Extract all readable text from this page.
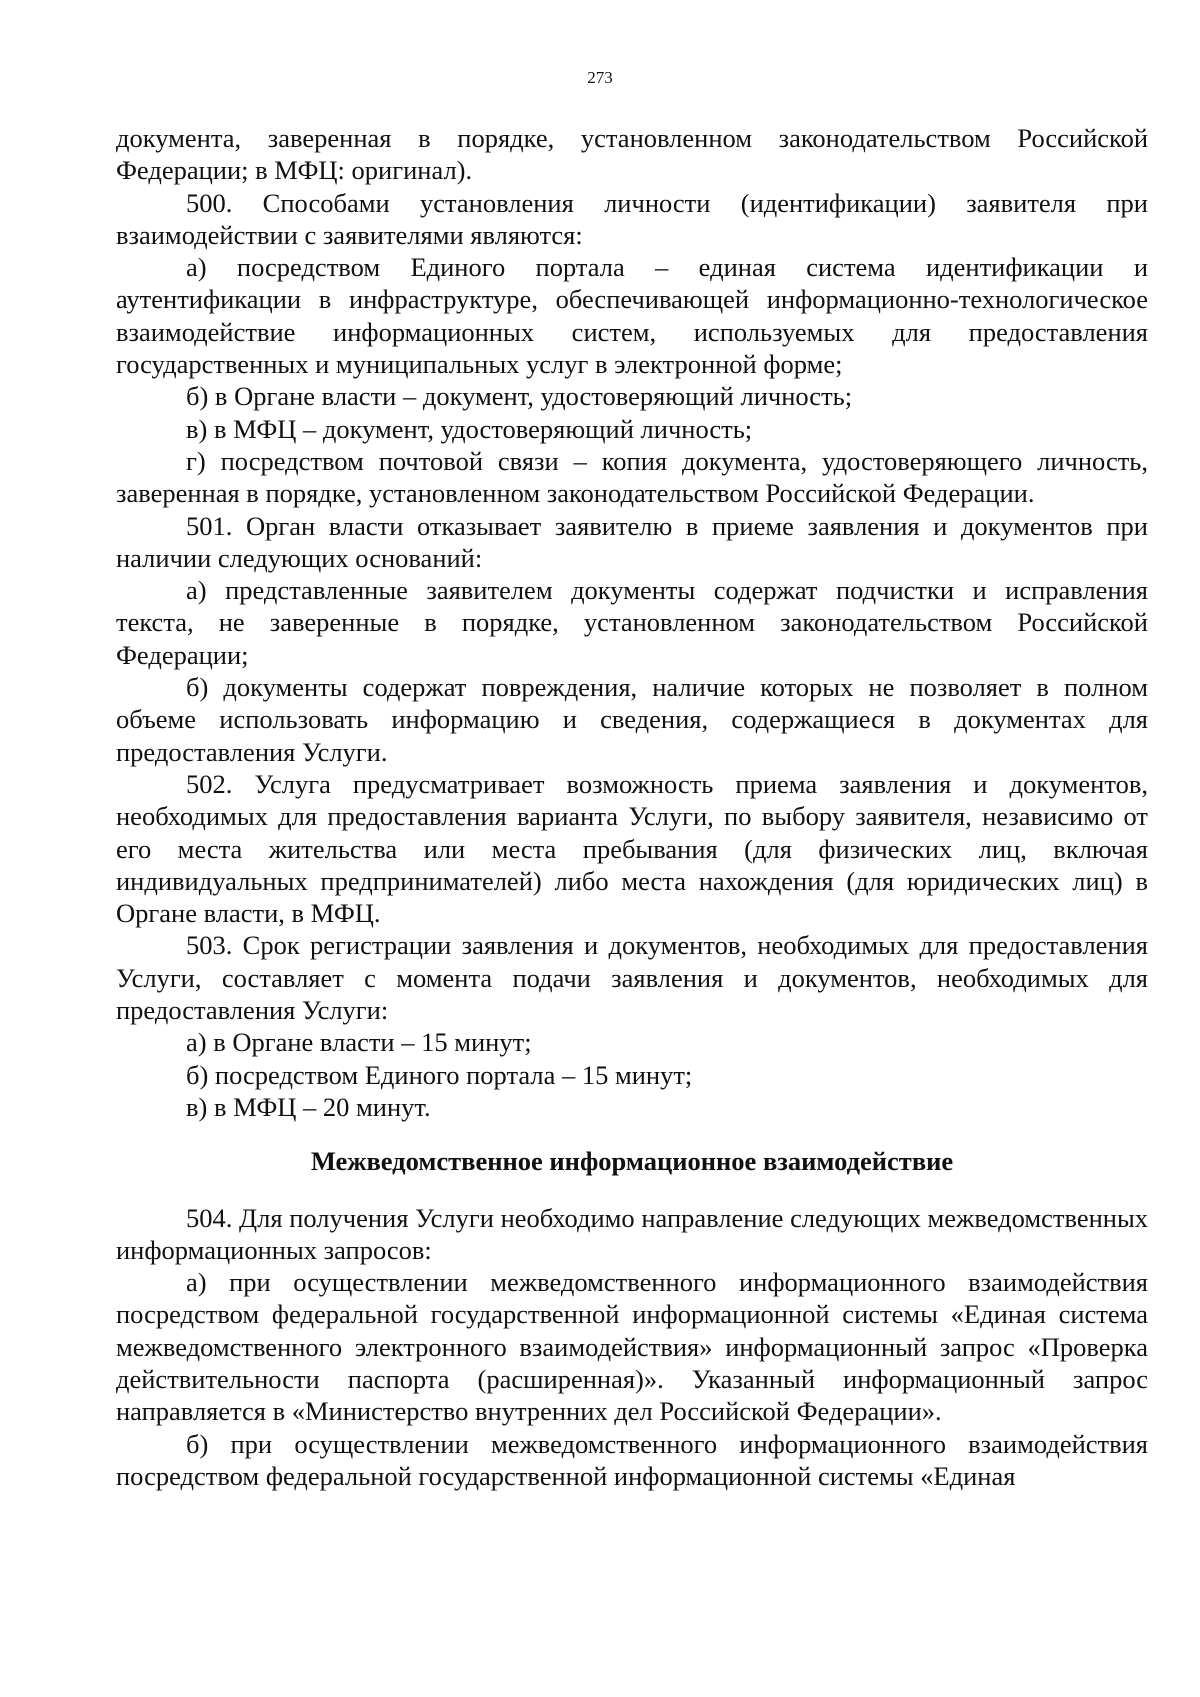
273

документа, заверенная в порядке, установленном законодательством Российской Федерации; в МФЦ: оригинал).

500. Способами установления личности (идентификации) заявителя при взаимодействии с заявителями являются:

а) посредством Единого портала – единая система идентификации и аутентификации в инфраструктуре, обеспечивающей информационно-технологическое взаимодействие информационных систем, используемых для предоставления государственных и муниципальных услуг в электронной форме;

б) в Органе власти – документ, удостоверяющий личность;

в) в МФЦ – документ, удостоверяющий личность;

г) посредством почтовой связи – копия документа, удостоверяющего личность, заверенная в порядке, установленном законодательством Российской Федерации.

501. Орган власти отказывает заявителю в приеме заявления и документов при наличии следующих оснований:

а) представленные заявителем документы содержат подчистки и исправления текста, не заверенные в порядке, установленном законодательством Российской Федерации;

б) документы содержат повреждения, наличие которых не позволяет в полном объеме использовать информацию и сведения, содержащиеся в документах для предоставления Услуги.

502. Услуга предусматривает возможность приема заявления и документов, необходимых для предоставления варианта Услуги, по выбору заявителя, независимо от его места жительства или места пребывания (для физических лиц, включая индивидуальных предпринимателей) либо места нахождения (для юридических лиц) в Органе власти, в МФЦ.

503. Срок регистрации заявления и документов, необходимых для предоставления Услуги, составляет с момента подачи заявления и документов, необходимых для предоставления Услуги:

а) в Органе власти – 15 минут;

б) посредством Единого портала – 15 минут;

в) в МФЦ – 20 минут.

Межведомственное информационное взаимодействие

504. Для получения Услуги необходимо направление следующих межведомственных информационных запросов:

а) при осуществлении межведомственного информационного взаимодействия посредством федеральной государственной информационной системы «Единая система межведомственного электронного взаимодействия» информационный запрос «Проверка действительности паспорта (расширенная)». Указанный информационный запрос направляется в «Министерство внутренних дел Российской Федерации».

б) при осуществлении межведомственного информационного взаимодействия посредством федеральной государственной информационной системы «Единая
